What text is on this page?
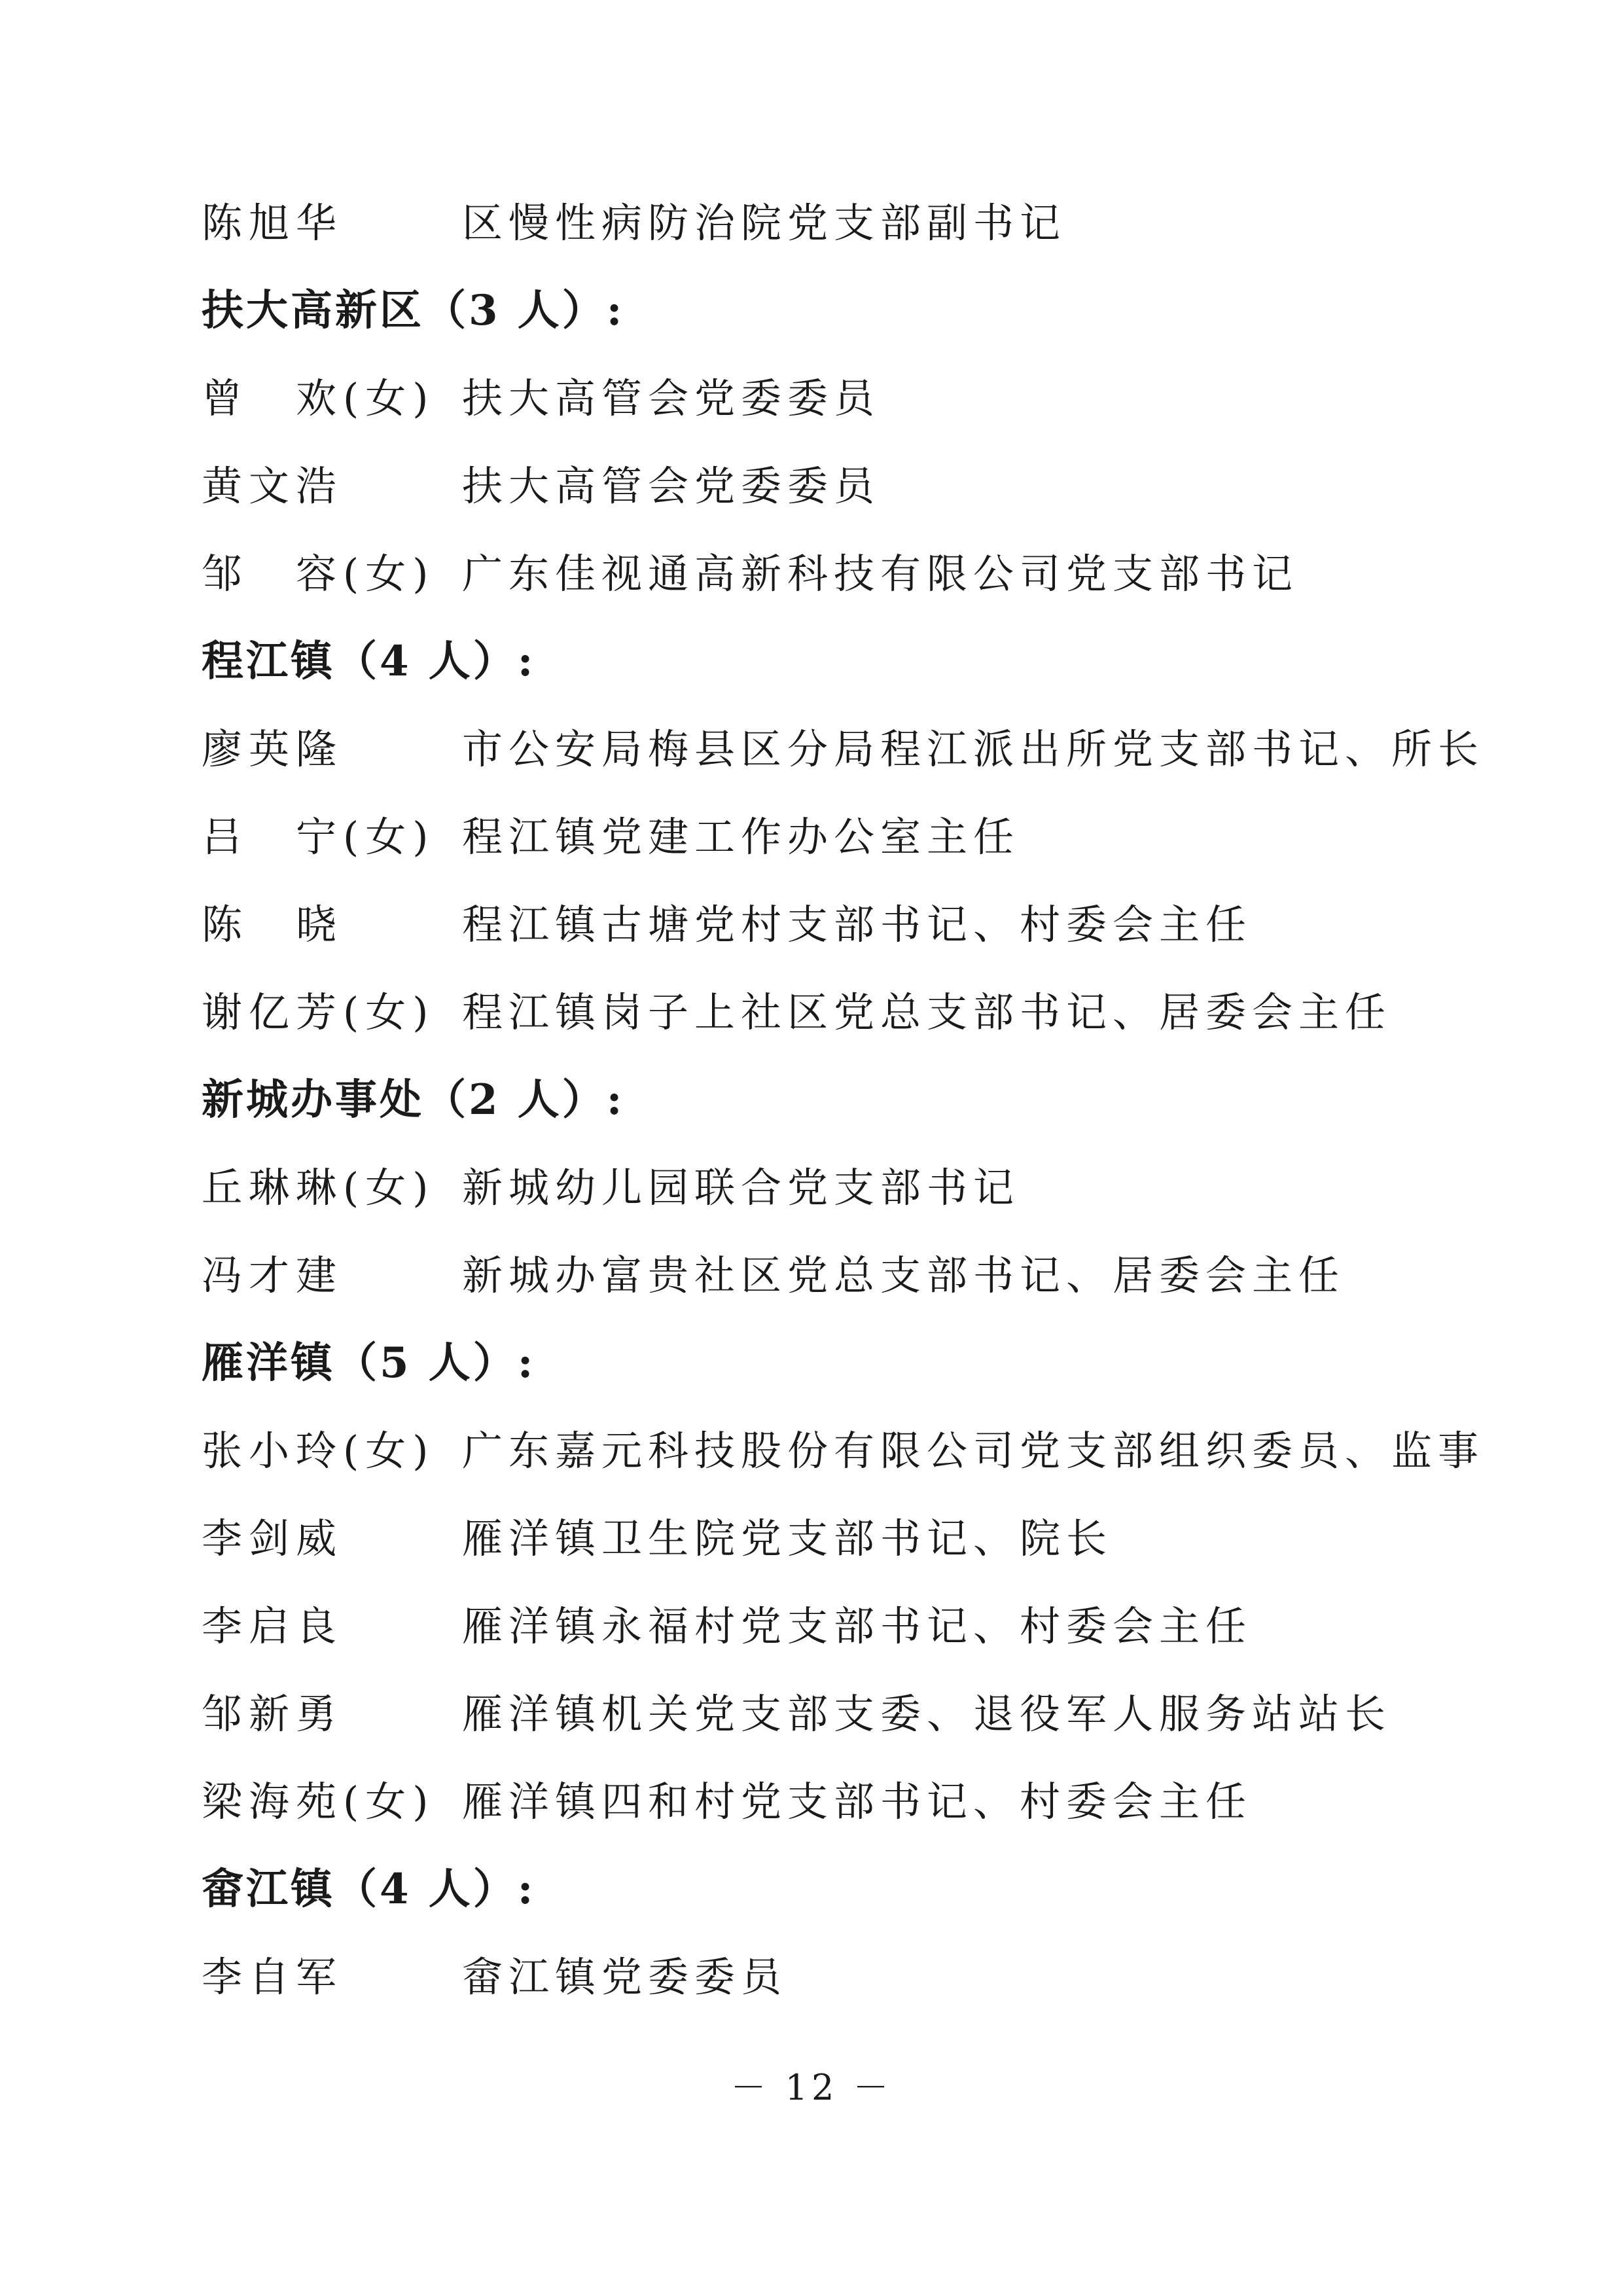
陈旭华	区慢性病防治院党支部副书记
扶大高新区（3 人）:
曾　欢(女) 扶大高管会党委委员
黄文浩	扶大高管会党委委员
邹　容(女) 广东佳视通高新科技有限公司党支部书记
程江镇（4 人）:
廖英隆	市公安局梅县区分局程江派出所党支部书记、所长
吕　宁(女) 程江镇党建工作办公室主任
陈　晓	程江镇古塘党村支部书记、村委会主任
谢亿芳(女) 程江镇岗子上社区党总支部书记、居委会主任
新城办事处（2 人）:
丘琳琳(女) 新城幼儿园联合党支部书记
冯才建	新城办富贵社区党总支部书记、居委会主任
雁洋镇（5 人）:
张小玲(女) 广东嘉元科技股份有限公司党支部组织委员、监事
李剑威	雁洋镇卫生院党支部书记、院长
李启良	雁洋镇永福村党支部书记、村委会主任
邹新勇	雁洋镇机关党支部支委、退役军人服务站站长
梁海苑(女) 雁洋镇四和村党支部书记、村委会主任
畲江镇（4 人）:
李自军	畲江镇党委委员
－ 12 －
